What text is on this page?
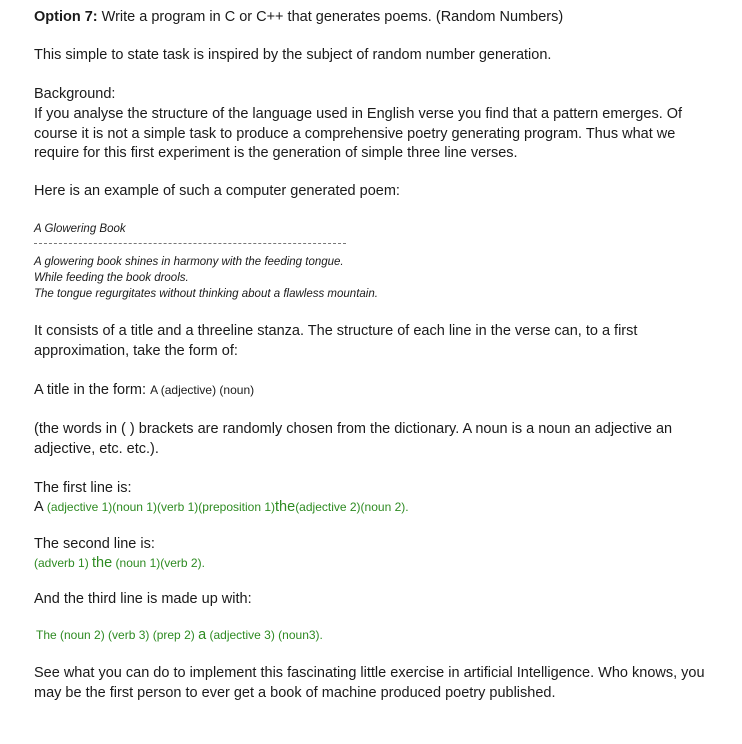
Option 7: Write a program in C or C++ that generates poems. (Random Numbers)
This simple to state task is inspired by the subject of random number generation.
Background:
If you analyse the structure of the language used in English verse you find that a pattern emerges. Of
course it is not a simple task to produce a comprehensive poetry generating program. Thus what we
require for this first experiment is the generation of simple three line verses.
Here is an example of such a computer generated poem:
A Glowering Book
A glowering book shines in harmony with the feeding tongue.
While feeding the book drools.
The tongue regurgitates without thinking about a flawless mountain.
It consists of a title and a threeline stanza. The structure of each line in the verse can, to a first
approximation, take the form of:
A title in the form: A (adjective) (noun)
(the words in ( ) brackets are randomly chosen from the dictionary. A noun is a noun an adjective an
adjective, etc. etc.).
The first line is:
A (adjective 1)(noun 1)(verb 1)(preposition 1)the(adjective 2)(noun 2).
The second line is:
(adverb 1) the (noun 1)(verb 2).
And the third line is made up with:
The (noun 2) (verb 3) (prep 2) a (adjective 3) (noun3).
See what you can do to implement this fascinating little exercise in artificial Intelligence. Who knows, you
may be the first person to ever get a book of machine produced poetry published.
